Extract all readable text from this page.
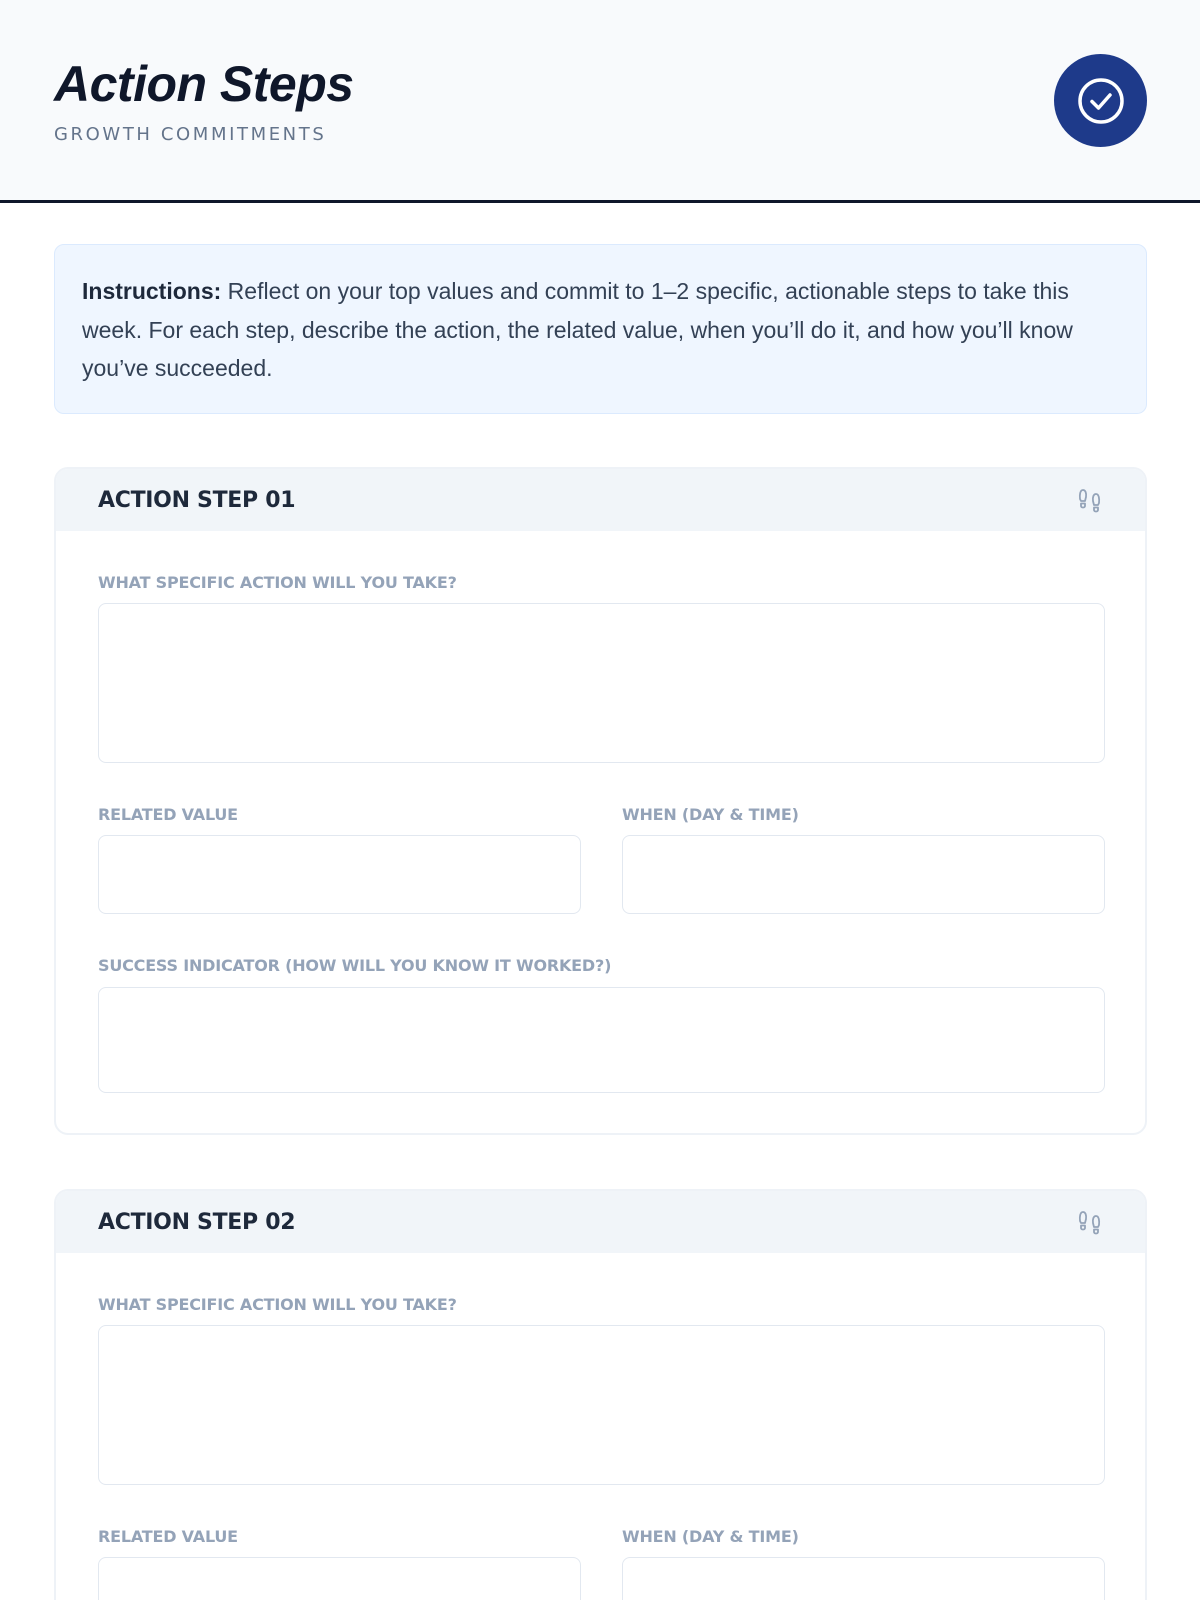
Action Steps
GROWTH COMMITMENTS
Instructions: Reflect on your top values and commit to 1–2 specific, actionable steps to take this week. For each step, describe the action, the related value, when you’ll do it, and how you’ll know you’ve succeeded.
ACTION STEP 01
WHAT SPECIFIC ACTION WILL YOU TAKE?
RELATED VALUE	WHEN (DAY & TIME)
SUCCESS INDICATOR (HOW WILL YOU KNOW IT WORKED?)
ACTION STEP 02
WHAT SPECIFIC ACTION WILL YOU TAKE?
RELATED VALUE	WHEN (DAY & TIME)
